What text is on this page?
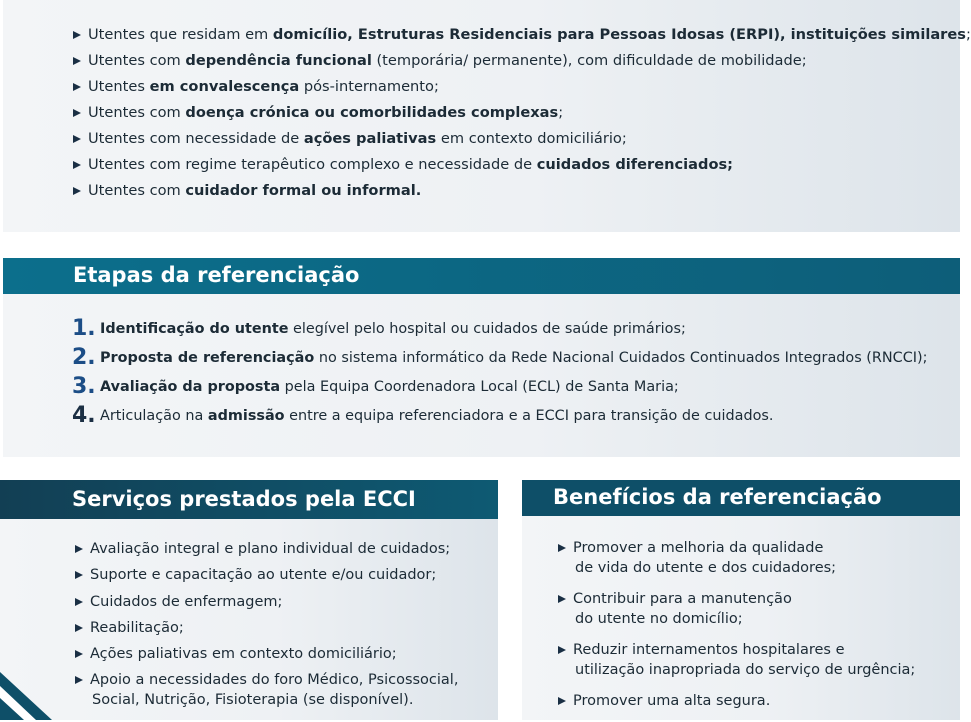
Utentes que residam em domicílio, Estruturas Residenciais para Pessoas Idosas (ERPI), instituições similares;
Utentes com dependência funcional (temporária/ permanente), com dificuldade de mobilidade;
Utentes em convalescença pós-internamento;
Utentes com doença crónica ou comorbilidades complexas;
Utentes com necessidade de ações paliativas em contexto domiciliário;
Utentes com regime terapêutico complexo e necessidade de cuidados diferenciados;
Utentes com cuidador formal ou informal.
Etapas da referenciação
1. Identificação do utente elegível pelo hospital ou cuidados de saúde primários;
2. Proposta de referenciação no sistema informático da Rede Nacional Cuidados Continuados Integrados (RNCCI);
3. Avaliação da proposta pela Equipa Coordenadora Local (ECL) de Santa Maria;
4. Articulação na admissão entre a equipa referenciadora e a ECCI para transição de cuidados.
Serviços prestados pela ECCI
Avaliação integral e plano individual de cuidados;
Suporte e capacitação ao utente e/ou cuidador;
Cuidados de enfermagem;
Reabilitação;
Ações paliativas em contexto domiciliário;
Apoio a necessidades do foro Médico, Psicossocial,
Social, Nutrição, Fisioterapia (se disponível).
Benefícios da referenciação
Promover a melhoria da qualidade
de vida do utente e dos cuidadores;
Contribuir para a manutenção
do utente no domicílio;
Reduzir internamentos hospitalares e
utilização inapropriada do serviço de urgência;
Promover uma alta segura.
